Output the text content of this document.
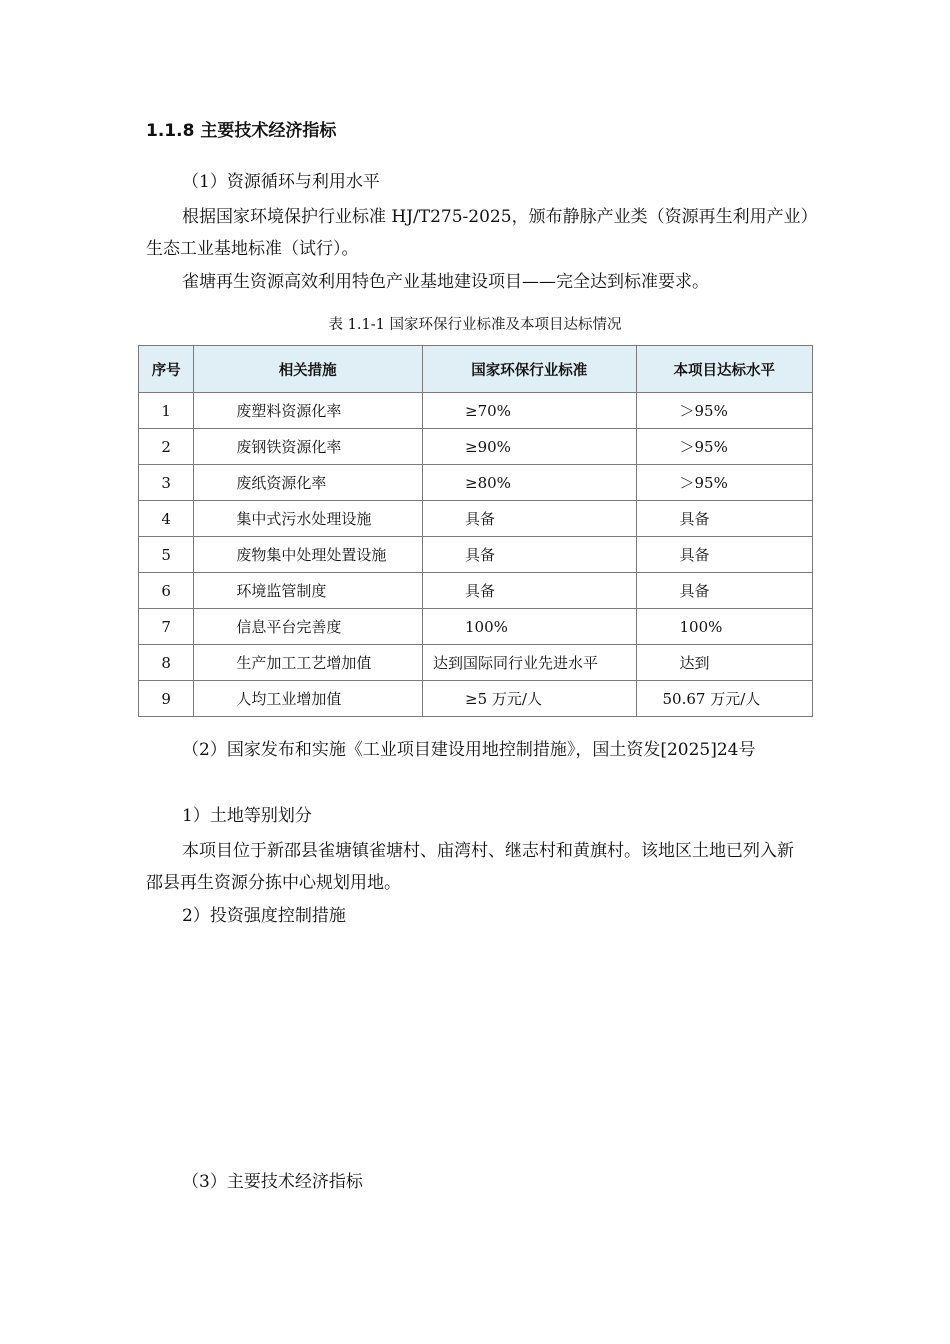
1.1.8 主要技术经济指标

（1）资源循环与利用水平

根据国家环境保护行业标准 HJ/T275-2025，颁布静脉产业类（资源再生利用产业）生态工业基地标准（试行）。

雀塘再生资源高效利用特色产业基地建设项目——完全达到标准要求。

表 1.1-1 国家环保行业标准及本项目达标情况
序号	相关措施	国家环保行业标准	本项目达标水平
1	废塑料资源化率	≥70%	＞95%
2	废钢铁资源化率	≥90%	＞95%
3	废纸资源化率	≥80%	＞95%
4	集中式污水处理设施	具备	具备
5	废物集中处理处置设施	具备	具备
6	环境监管制度	具备	具备
7	信息平台完善度	100%	100%
8	生产加工工艺增加值	达到国际同行业先进水平	达到
9	人均工业增加值	≥5 万元/人	50.67 万元/人

（2）国家发布和实施《工业项目建设用地控制措施》，国土资发[2025]24号

1）土地等别划分

本项目位于新邵县雀塘镇雀塘村、庙湾村、继志村和黄旗村。该地区土地已列入新邵县再生资源分拣中心规划用地。

2）投资强度控制措施

（3）主要技术经济指标
